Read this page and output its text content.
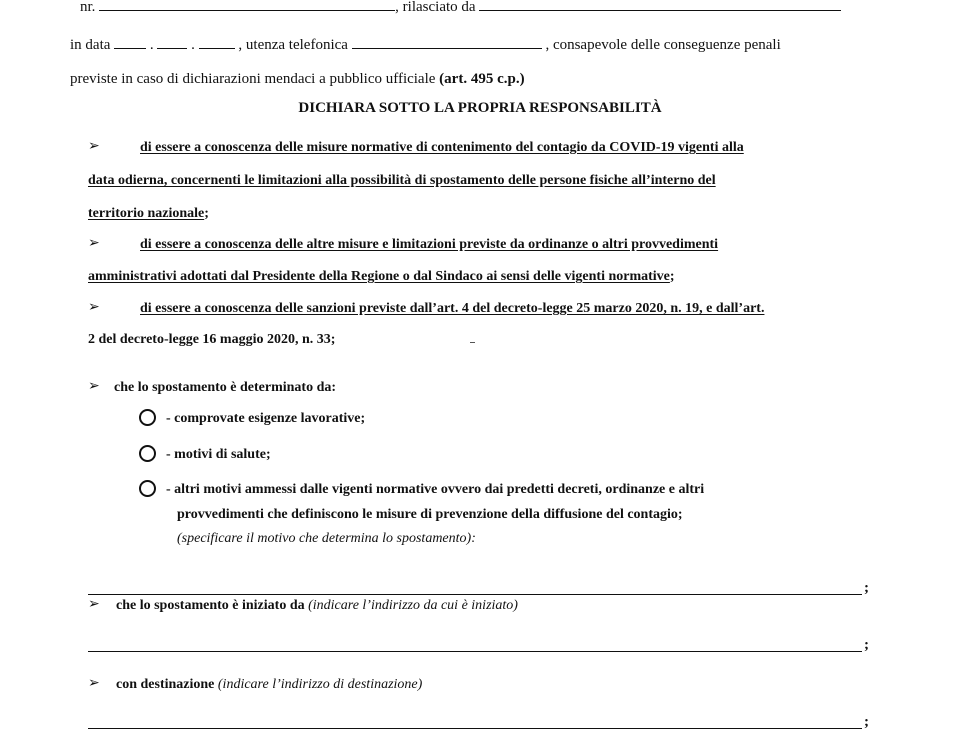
nr.	, rilasciato da
in data	.	.	, utenza telefonica	, consapevole delle conseguenze penali
previste in caso di dichiarazioni mendaci a pubblico ufficiale (art. 495 c.p.)
DICHIARA SOTTO LA PROPRIA RESPONSABILITÀ
➢	di essere a conoscenza delle misure normative di contenimento del contagio da COVID-19 vigenti alla
data odierna, concernenti le limitazioni alla possibilità di spostamento delle persone fisiche all’interno del
territorio nazionale;
➢	di essere a conoscenza delle altre misure e limitazioni previste da ordinanze o altri provvedimenti
amministrativi adottati dal Presidente della Regione o dal Sindaco ai sensi delle vigenti normative;
➢	di essere a conoscenza delle sanzioni previste dall’art. 4 del decreto-legge 25 marzo 2020, n. 19, e dall’art.
2 del decreto-legge 16 maggio 2020, n. 33;
➢ che lo spostamento è determinato da:
- comprovate esigenze lavorative;
- motivi di salute;
- altri motivi ammessi dalle vigenti normative ovvero dai predetti decreti, ordinanze e altri
provvedimenti che definiscono le misure di prevenzione della diffusione del contagio;
(specificare il motivo che determina lo spostamento):
;
➢ che lo spostamento è iniziato da (indicare l’indirizzo da cui è iniziato)
;
➢ con destinazione (indicare l’indirizzo di destinazione)
;
